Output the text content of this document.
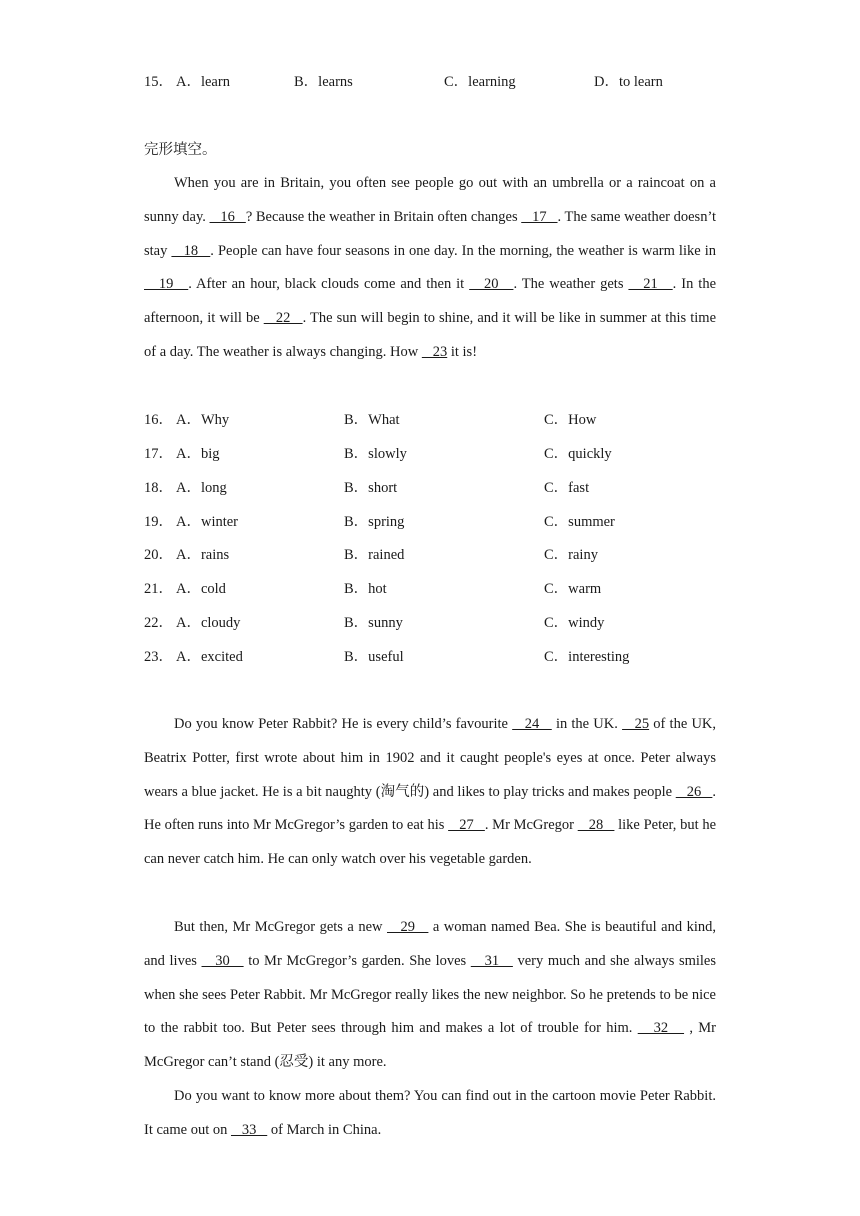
15． A．learn	B．learns	C．learning	D．to learn
完形填空。

When you are in Britain, you often see people go out with an umbrella or a raincoat on a sunny day.    16   ? Because the weather in Britain often changes    17   . The same weather doesn’t stay    18   . People can have four seasons in one day. In the morning, the weather is warm like in    19   . After an hour, black clouds come and then it    20   . The weather gets    21   . In the afternoon, it will be    22   . The sun will begin to shine, and it will be like in summer at this time of a day. The weather is always changing. How    23 it is!

16． A．Why	B．What	C．How
17． A．big	B．slowly	C．quickly
18． A．long	B．short	C．fast
19． A．winter	B．spring	C．summer
20． A．rains	B．rained	C．rainy
21． A．cold	B．hot	C．warm
22． A．cloudy	B．sunny	C．windy
23． A．excited	B．useful	C．interesting

Do you know Peter Rabbit? He is every child’s favourite    24    in the UK.    25 of the UK, Beatrix Potter, first wrote about him in 1902 and it caught people's eyes at once. Peter always wears a blue jacket. He is a bit naughty (淘气的) and likes to play tricks and makes people    26   . He often runs into Mr McGregor’s garden to eat his    27   . Mr McGregor    28    like Peter, but he can never catch him. He can only watch over his vegetable garden.

But then, Mr McGregor gets a new    29    a woman named Bea. She is beautiful and kind, and lives    30    to Mr McGregor’s garden. She loves    31    very much and she always smiles when she sees Peter Rabbit. Mr McGregor really likes the new neighbor. So he pretends to be nice to the rabbit too. But Peter sees through him and makes a lot of trouble for him.    32    , Mr McGregor can’t stand (忍受) it any more.

Do you want to know more about them? You can find out in the cartoon movie Peter Rabbit. It came out on    33    of March in China.
